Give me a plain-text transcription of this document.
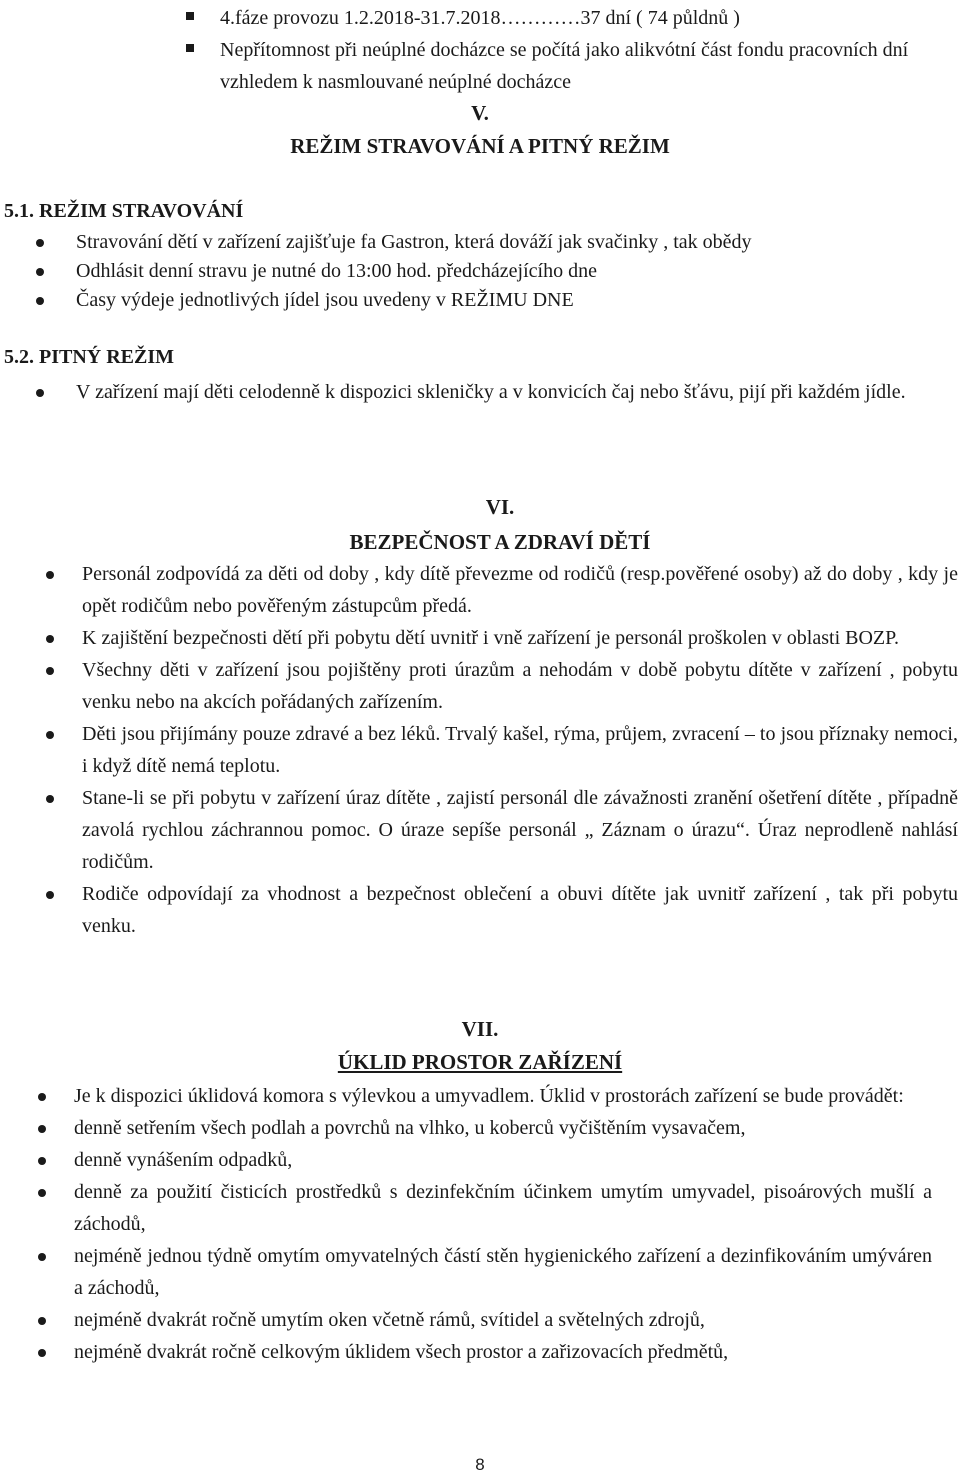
4.fáze provozu 1.2.2018-31.7.2018…………37 dní ( 74 půldnů )
Nepřítomnost při neúplné docházce se počítá jako alikvótní část fondu pracovních dní vzhledem k nasmlouvané neúplné docházce
V.
REŽIM STRAVOVÁNÍ A PITNÝ REŽIM
5.1. REŽIM STRAVOVÁNÍ
Stravování dětí v zařízení zajišťuje fa Gastron, která dováží jak svačinky , tak obědy
Odhlásit denní stravu je nutné do 13:00 hod. předcházejícího dne
Časy výdeje jednotlivých jídel jsou uvedeny v REŽIMU DNE
5.2. PITNÝ REŽIM
V zařízení mají děti celodenně k dispozici skleničky a v konvicích čaj nebo šťávu, pijí při každém jídle.
VI.
BEZPEČNOST A ZDRAVÍ DĚTÍ
Personál zodpovídá za děti od doby , kdy dítě převezme od rodičů (resp.pověřené osoby) až do doby , kdy je opět rodičům nebo pověřeným zástupcům předá.
K zajištění bezpečnosti dětí při pobytu dětí uvnitř i vně zařízení je personál proškolen v oblasti BOZP.
Všechny děti v zařízení jsou pojištěny proti úrazům a nehodám v době pobytu dítěte v zařízení , pobytu venku nebo na akcích pořádaných zařízením.
Děti jsou přijímány pouze zdravé a bez léků. Trvalý kašel, rýma, průjem, zvracení – to jsou příznaky nemoci, i když dítě nemá teplotu.
Stane-li se při pobytu v zařízení úraz dítěte , zajistí personál dle závažnosti zranění ošetření dítěte , případně zavolá rychlou záchrannou pomoc. O úraze sepíše personál „ Záznam o úrazu“. Úraz neprodleně nahlásí rodičům.
Rodiče odpovídají za vhodnost a bezpečnost oblečení a obuvi dítěte jak uvnitř zařízení , tak při pobytu venku.
VII.
ÚKLID PROSTOR ZAŘÍZENÍ
Je k dispozici úklidová komora s výlevkou a umyvadlem. Úklid v prostorách zařízení se bude provádět:
denně setřením všech podlah a povrchů na vlhko, u koberců vyčištěním vysavačem,
denně vynášením odpadků,
denně za použití čisticích prostředků s dezinfekčním účinkem umytím umyvadel, pisoárových mušlí a záchodů,
nejméně jednou týdně omytím omyvatelných částí stěn hygienického zařízení a dezinfikováním umýváren a záchodů,
nejméně dvakrát ročně umytím oken včetně rámů, svítidel a světelných zdrojů,
nejméně dvakrát ročně celkovým úklidem všech prostor a zařizovacích předmětů,
8
